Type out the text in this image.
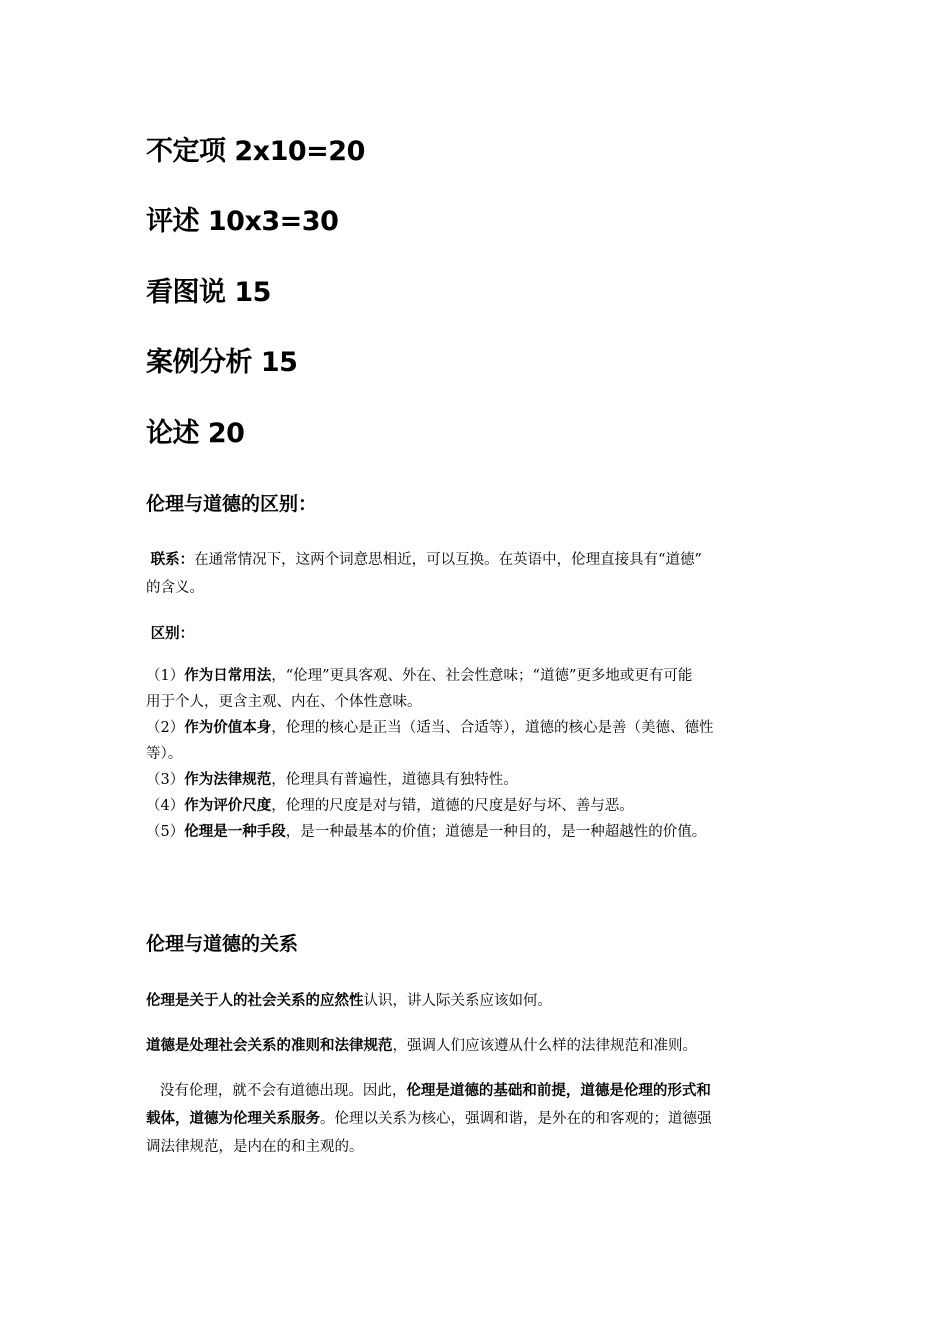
不定项 2x10=20
评述 10x3=30
看图说 15
案例分析 15
论述 20
伦理与道德的区别：
联系：在通常情况下，这两个词意思相近，可以互换。在英语中，伦理直接具有“道德”
的含义。
区别：
（1）作为日常用法，“伦理”更具客观、外在、社会性意味；“道德”更多地或更有可能
用于个人，更含主观、内在、个体性意味。
（2）作为价值本身，伦理的核心是正当（适当、合适等），道德的核心是善（美德、德性
等）。
（3）作为法律规范，伦理具有普遍性，道德具有独特性。
（4）作为评价尺度，伦理的尺度是对与错，道德的尺度是好与坏、善与恶。
（5）伦理是一种手段，是一种最基本的价值；道德是一种目的，是一种超越性的价值。
伦理与道德的关系
伦理是关于人的社会关系的应然性认识，讲人际关系应该如何。
道德是处理社会关系的准则和法律规范，强调人们应该遵从什么样的法律规范和准则。
没有伦理，就不会有道德出现。因此，伦理是道德的基础和前提，道德是伦理的形式和
载体，道德为伦理关系服务。伦理以关系为核心，强调和谐，是外在的和客观的；道德强
调法律规范，是内在的和主观的。
